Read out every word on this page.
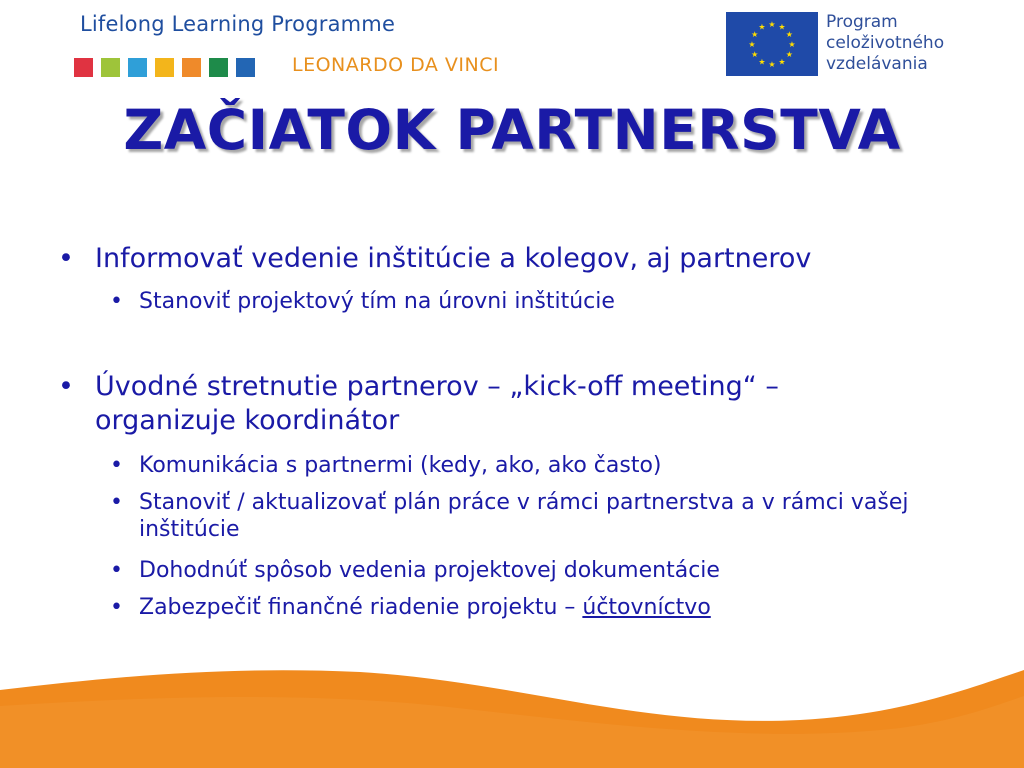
Lifelong Learning Programme
LEONARDO DA VINCI
★
★
★
★
★
★
★
★
★ ★ ★
★
Program
celoživotného
vzdelávania
ZAČIATOK PARTNERSTVA
• Informovať vedenie inštitúcie a kolegov, aj partnerov
• Stanoviť projektový tím na úrovni inštitúcie
• Úvodné stretnutie partnerov – „kick-off meeting“ – organizuje koordinátor
• Komunikácia s partnermi (kedy, ako, ako často)
• Stanoviť / aktualizovať plán práce v rámci partnerstva a v rámci vašej inštitúcie
• Dohodnúť spôsob vedenia projektovej dokumentácie
• Zabezpečiť finančné riadenie projektu – účtovníctvo
